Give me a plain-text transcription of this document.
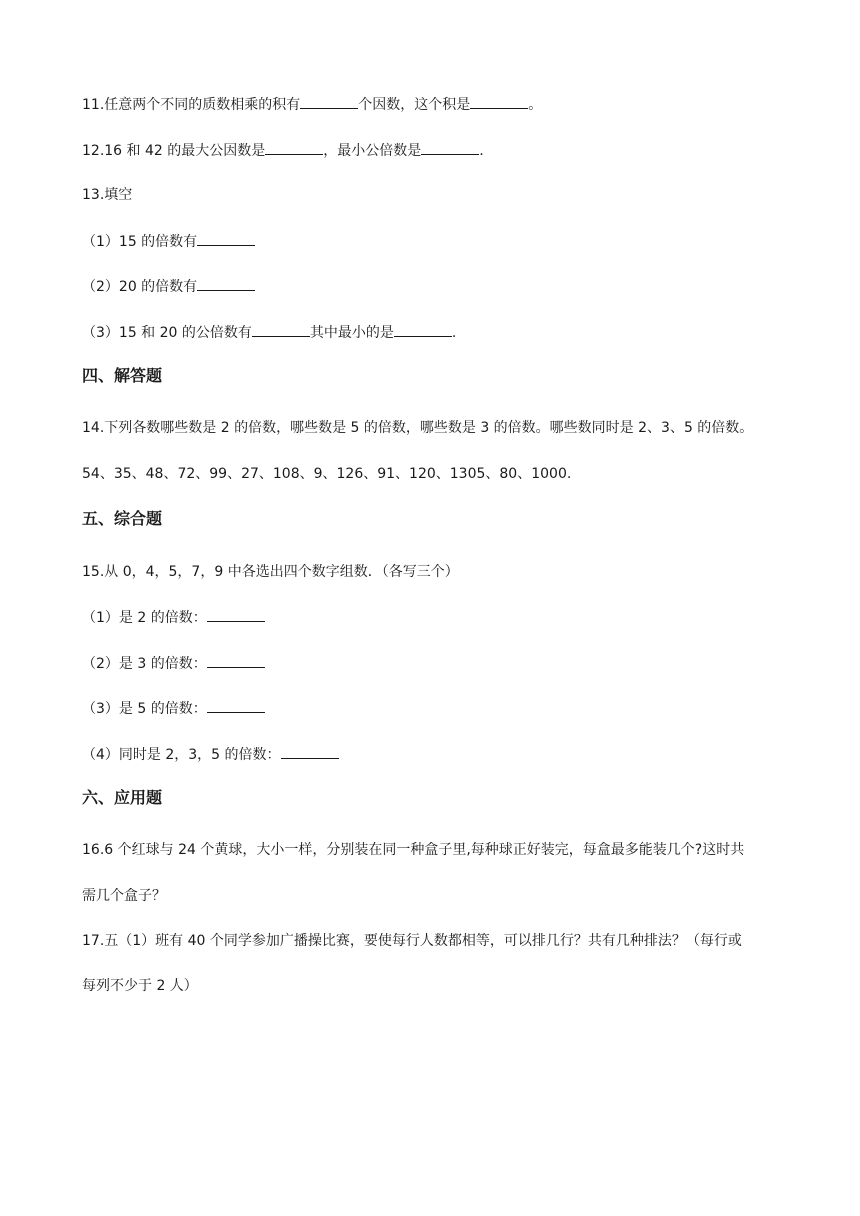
11.任意两个不同的质数相乘的积有	个因数，这个积是	。
12.16 和 42 的最大公因数是	，最小公倍数是	.
13.填空
（1）15 的倍数有
（2）20 的倍数有
（3）15 和 20 的公倍数有	其中最小的是	.
四、解答题
14.下列各数哪些数是 2 的倍数，哪些数是 5 的倍数，哪些数是 3 的倍数。哪些数同时是 2、3、5 的倍数。
54、35、48、72、99、27、108、9、126、91、120、1305、80、1000.
五、综合题
15.从 0，4，5，7，9 中各选出四个数字组数．（各写三个）
（1）是 2 的倍数：
（2）是 3 的倍数：
（3）是 5 的倍数：
（4）同时是 2，3，5 的倍数：
六、应用题
16.6 个红球与 24 个黄球，大小一样，分别装在同一种盒子里,每种球正好装完，每盒最多能装几个?这时共
需几个盒子？
17.五（1）班有 40 个同学参加广播操比赛，要使每行人数都相等，可以排几行？共有几种排法？（每行或
每列不少于 2 人）
